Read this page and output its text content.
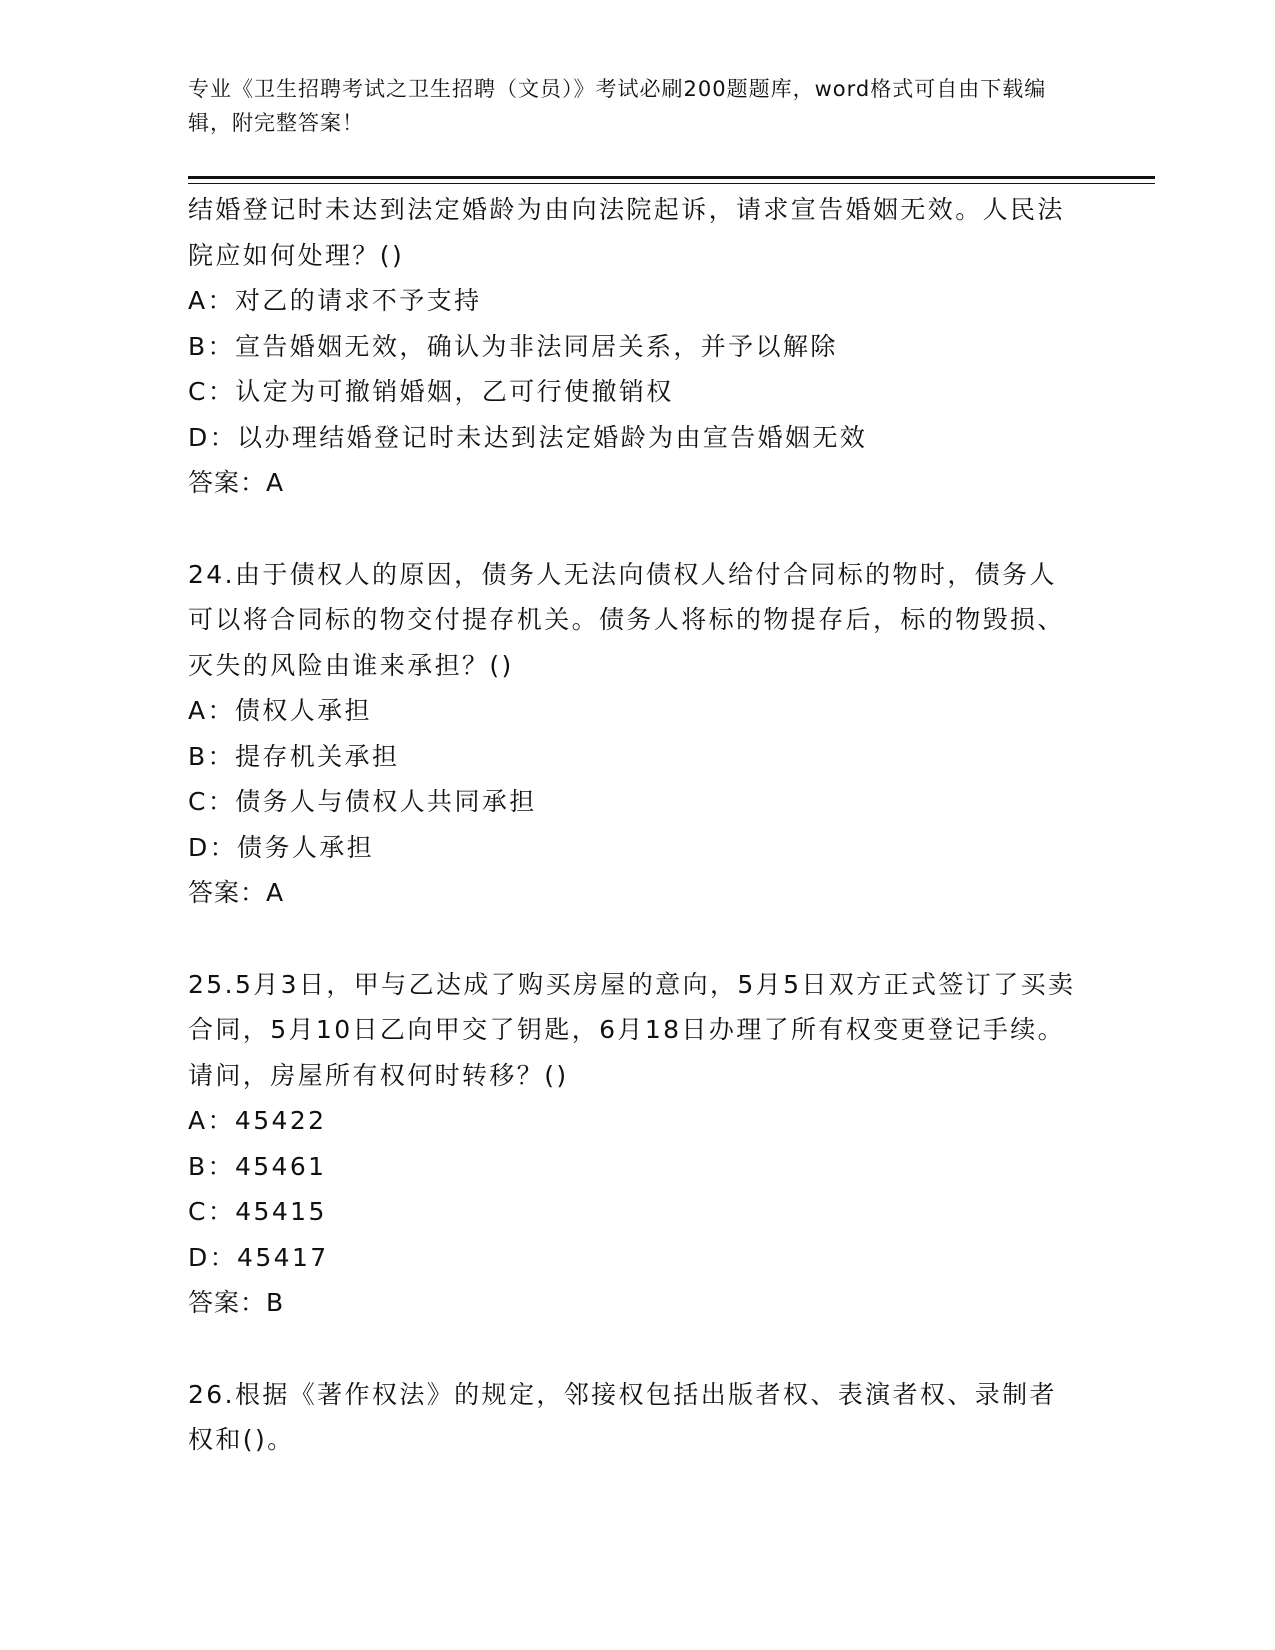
专业《卫生招聘考试之卫生招聘（文员）》考试必刷200题题库，word格式可自由下载编辑，附完整答案！

结婚登记时未达到法定婚龄为由向法院起诉，请求宣告婚姻无效。人民法院应如何处理？()

A：对乙的请求不予支持

B：宣告婚姻无效，确认为非法同居关系，并予以解除

C：认定为可撤销婚姻，乙可行使撤销权

D：以办理结婚登记时未达到法定婚龄为由宣告婚姻无效

答案：A

24.由于债权人的原因，债务人无法向债权人给付合同标的物时，债务人可以将合同标的物交付提存机关。债务人将标的物提存后，标的物毁损、灭失的风险由谁来承担？()

A：债权人承担

B：提存机关承担

C：债务人与债权人共同承担

D：债务人承担

答案：A

25.5月3日，甲与乙达成了购买房屋的意向，5月5日双方正式签订了买卖合同，5月10日乙向甲交了钥匙，6月18日办理了所有权变更登记手续。请问，房屋所有权何时转移？()

A：45422

B：45461

C：45415

D：45417

答案：B

26.根据《著作权法》的规定，邻接权包括出版者权、表演者权、录制者权和()。
